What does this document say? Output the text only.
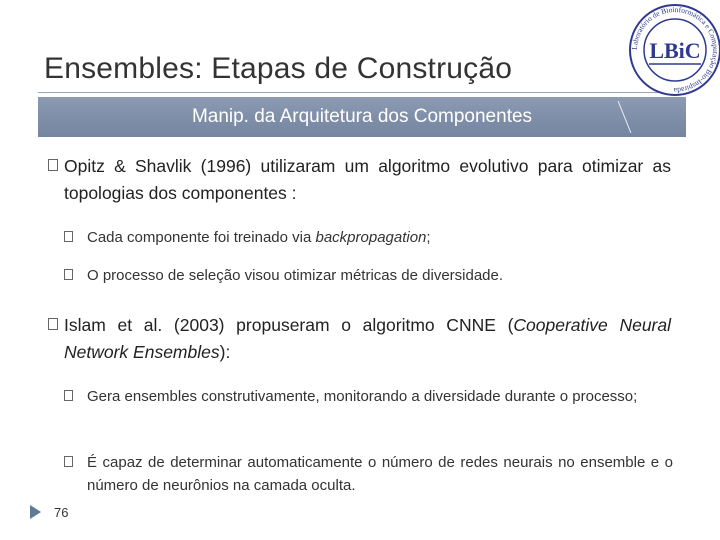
Ensembles: Etapas de Construção
Manip. da Arquitetura dos Componentes
Laboratório de Bioinformática e Computação Bio-Inspirada
LBiC
Opitz & Shavlik (1996) utilizaram um algoritmo evolutivo para otimizar as topologias dos componentes :
Cada componente foi treinado via backpropagation;
O processo de seleção visou otimizar métricas de diversidade.
Islam et al. (2003) propuseram o algoritmo CNNE (Cooperative Neural Network Ensembles):
Gera ensembles construtivamente, monitorando a diversidade durante o processo;
É capaz de determinar automaticamente o número de redes neurais no ensemble e o número de neurônios na camada oculta.
76
